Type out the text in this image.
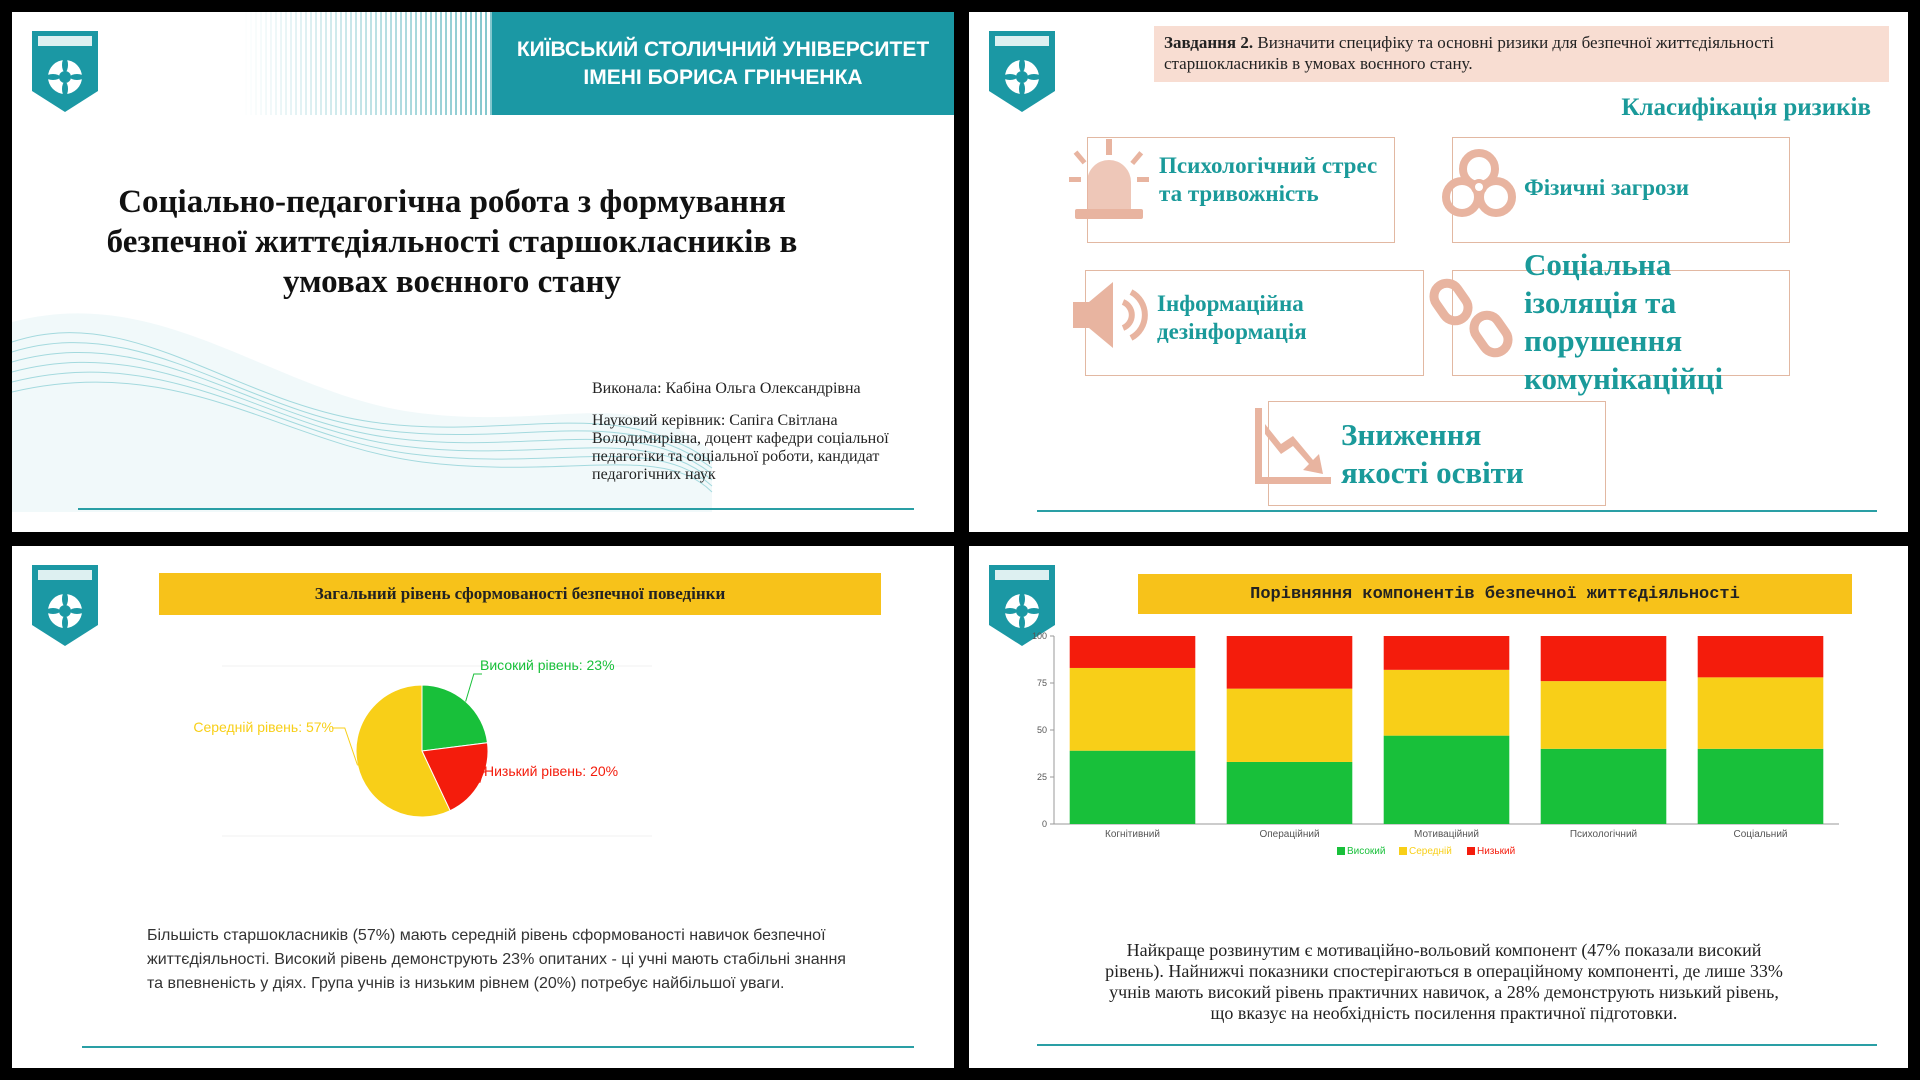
КИЇВСЬКИЙ СТОЛИЧНИЙ УНІВЕРСИТЕТ
ІМЕНІ БОРИСА ГРІНЧЕНКА
Соціально-педагогічна робота з формування
безпечної життєдіяльності старшокласників в
умовах воєнного стану
Виконала: Кабіна Ольга Олександрівна
Науковий керівник: Сапіга Світлана
Володимирівна, доцент кафедри соціальної
педагогіки та соціальної роботи, кандидат
педагогічних наук
Завдання 2. Визначити специфіку та основні ризики для безпечної життєдіяльності старшокласників в умовах воєнного стану.
Класифікація ризиків
Психологічний стрес
та тривожність	Фізичні загрози
Інформаційна
дезінформація
Соціальна
ізоляція та
порушення
комунікаційці
Зниження
якості освіти
Загальний рівень сформованості безпечної поведінки
Високий рівень: 23%
Низький рівень: 20%
Середній рівень: 57%
Більшість старшокласників (57%) мають середній рівень сформованості навичок безпечної
життєдіяльності. Високий рівень демонструють 23% опитаних - ці учні мають стабільні знання
та впевненість у діях. Група учнів із низьким рівнем (20%) потребує найбільшої уваги.
Порівняння компонентів безпечної життєдіяльності
0
25
50
75
100
Когнітивний	Операційний	Мотиваційний	Психологічний	Соціальний
Високий Середній	Низький
Найкраще розвинутим є мотиваційно-вольовий компонент (47% показали високий
рівень). Найнижчі показники спостерігаються в операційному компоненті, де лише 33%
учнів мають високий рівень практичних навичок, а 28% демонструють низький рівень,
що вказує на необхідність посилення практичної підготовки.
